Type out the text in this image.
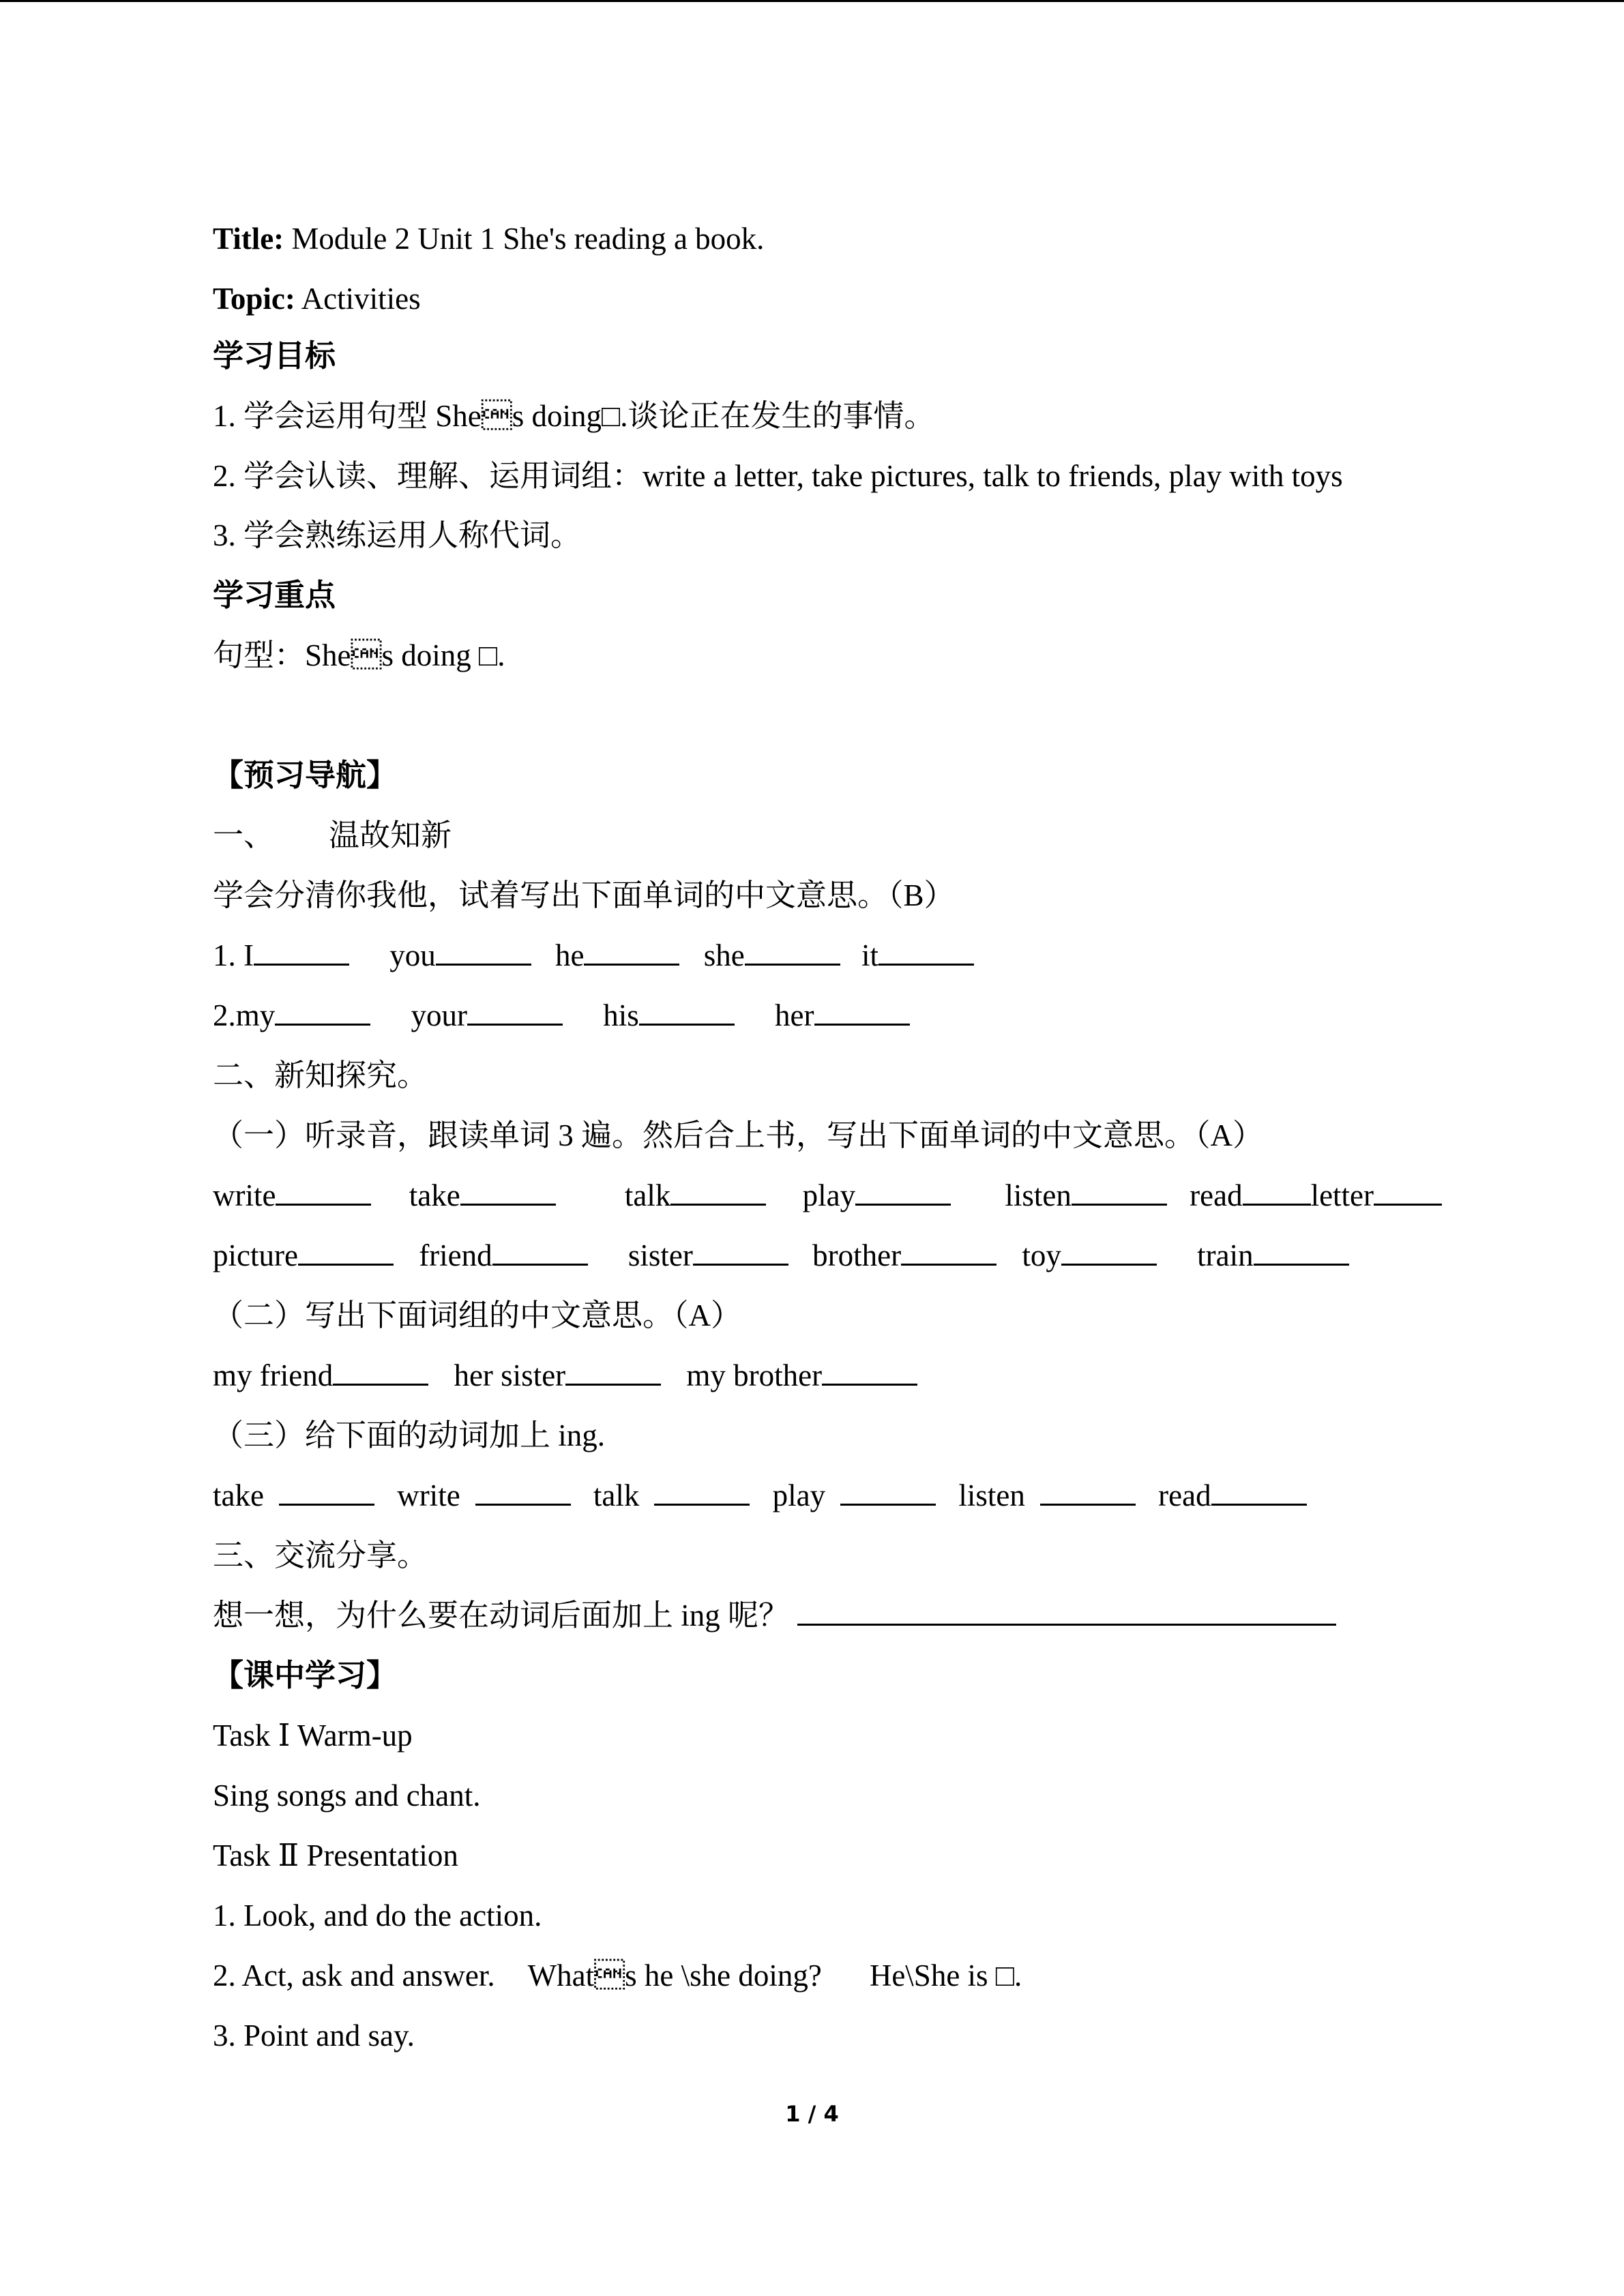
Title: Module 2 Unit 1 She's reading a book.
Topic: Activities
学习目标
1. 学会运用句型 Shes doing□.谈论正在发生的事情。
2. 学会认读、理解、运用词组：write a letter, take pictures, talk to friends, play with toys
3. 学会熟练运用人称代词。
学习重点
句型：Shes doing □.
【预习导航】
一、 温故知新
学会分清你我他，试着写出下面单词的中文意思。（B）
1. I	you	he	she	it
2.my	your	his	her
二、新知探究。
（一）听录音，跟读单词 3 遍。然后合上书，写出下面单词的中文意思。（A）
write	take	talk	play	listen	read letter
picture	friend	sister	brother	toy	train
（二）写出下面词组的中文意思。（A）
my friend	her sister	my brother
（三）给下面的动词加上 ing.
take	write	talk	play	listen	read
三、交流分享。
想一想，为什么要在动词后面加上 ing 呢？
【课中学习】
Task Ⅰ Warm-up
Sing songs and chant.
Task Ⅱ Presentation
1. Look, and do the action.
2. Act, ask and answer. Whats he \she doing? He\She is □.
3. Point and say.
1 / 4
